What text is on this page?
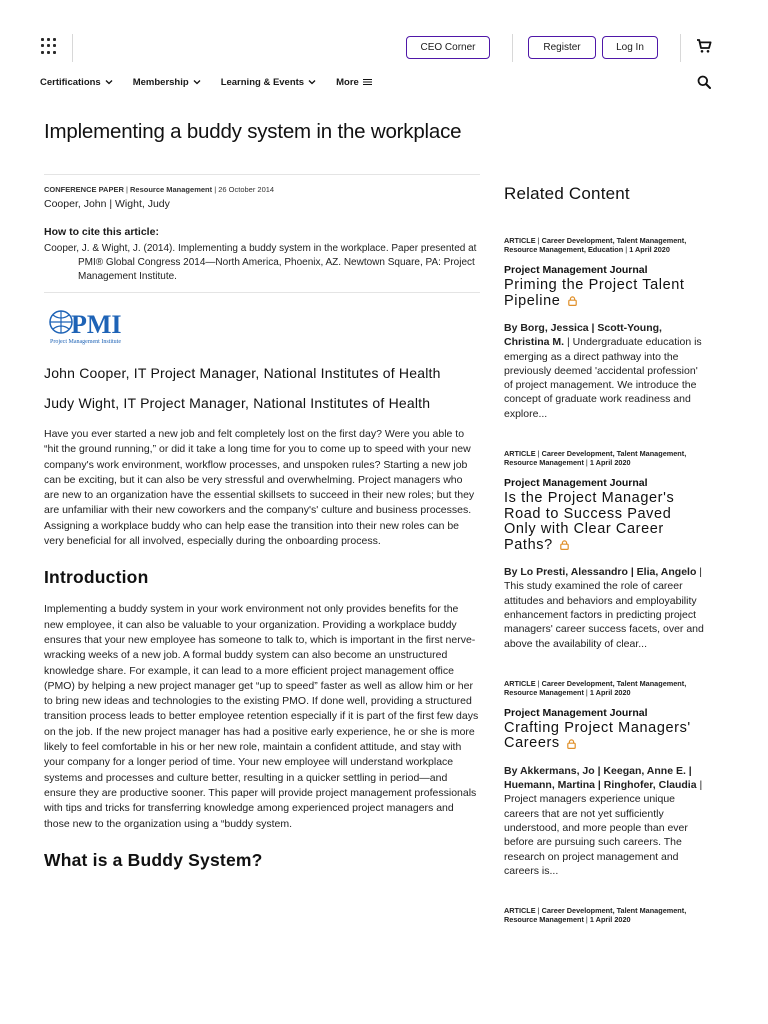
CEO Corner	Register	Log In
Certifications	Membership	Learning & Events	More
Implementing a buddy system in the workplace
CONFERENCE PAPER | Resource Management | 26 October 2014
Cooper, John | Wight, Judy
How to cite this article:
Cooper, J. & Wight, J. (2014). Implementing a buddy system in the workplace. Paper presented at PMI® Global Congress 2014—North America, Phoenix, AZ. Newtown Square, PA: Project Management Institute.
PMI
Project Management Institute
John Cooper, IT Project Manager, National Institutes of Health
Judy Wight, IT Project Manager, National Institutes of Health

Have you ever started a new job and felt completely lost on the first day? Were you able to “hit the ground running,” or did it take a long time for you to come up to speed with your new company's work environment, workflow processes, and unspoken rules? Starting a new job can be exciting, but it can also be very stressful and overwhelming. Project managers who are new to an organization have the essential skillsets to succeed in their new roles; but they are unfamiliar with their new coworkers and the company's' culture and business processes. Assigning a workplace buddy who can help ease the transition into their new roles can be very beneficial for all involved, especially during the onboarding process.

Introduction

Implementing a buddy system in your work environment not only provides benefits for the new employee, it can also be valuable to your organization. Providing a workplace buddy ensures that your new employee has someone to talk to, which is important in the first nerve-wracking weeks of a new job. A formal buddy system can also become an unstructured knowledge share. For example, it can lead to a more efficient project management office (PMO) by helping a new project manager get “up to speed” faster as well as allow him or her to bring new ideas and technologies to the existing PMO. If done well, providing a structured transition process leads to better employee retention especially if it is part of the first few days on the job. If the new project manager has had a positive early experience, he or she is more likely to feel comfortable in his or her new role, maintain a confident attitude, and stay with your company for a longer period of time. Your new employee will understand workplace systems and processes and culture better, resulting in a quicker settling in period—and ensure they are productive sooner. This paper will provide project management professionals with tips and tricks for transferring knowledge among experienced project managers and those new to the organization using a “buddy system.

What is a Buddy System?
Related Content
ARTICLE | Career Development, Talent Management, Resource Management, Education | 1 April 2020
Project Management Journal
Priming the Project Talent Pipeline
By Borg, Jessica | Scott-Young, Christina M. | Undergraduate education is emerging as a direct pathway into the previously deemed 'accidental profession' of project management. We introduce the concept of graduate work readiness and explore...
ARTICLE | Career Development, Talent Management, Resource Management | 1 April 2020
Project Management Journal
Is the Project Manager's Road to Success Paved Only with Clear Career Paths?
By Lo Presti, Alessandro | Elia, Angelo | This study examined the role of career attitudes and behaviors and employability enhancement factors in predicting project managers' career success facets, over and above the availability of clear...
ARTICLE | Career Development, Talent Management, Resource Management | 1 April 2020
Project Management Journal
Crafting Project Managers' Careers
By Akkermans, Jo | Keegan, Anne E. | Huemann, Martina | Ringhofer, Claudia | Project managers experience unique careers that are not yet sufficiently understood, and more people than ever before are pursuing such careers. The research on project management and careers is...
ARTICLE | Career Development, Talent Management, Resource Management | 1 April 2020
